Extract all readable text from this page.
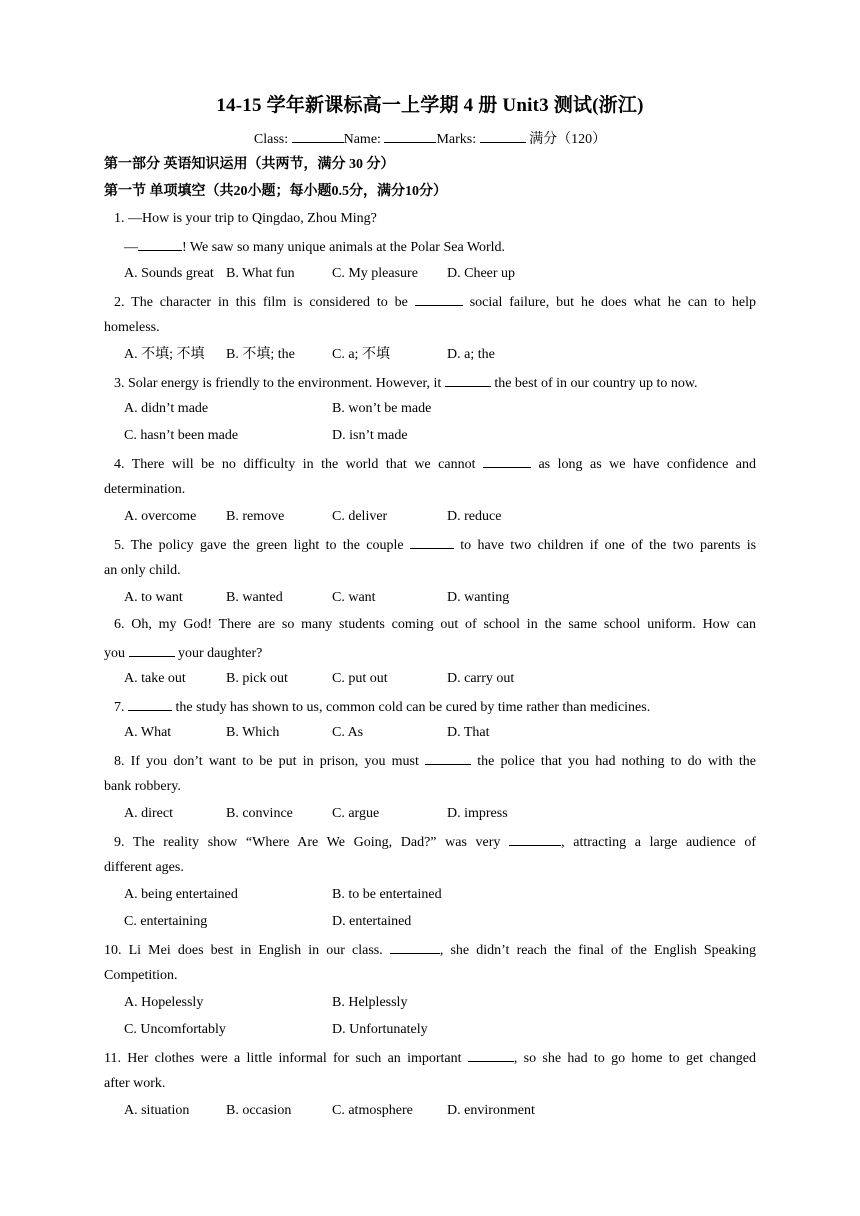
14-15 学年新课标高一上学期 4 册 Unit3 测试(浙江)
Class:	Name:	Marks:	满分（120）
第一部分 英语知识运用（共两节，满分 30 分）
第一节 单项填空（共20小题；每小题0.5分，满分10分）
1. —How is your trip to Qingdao, Zhou Ming?
—	! We saw so many unique animals at the Polar Sea World.
A. Sounds great B. What fun	C. My pleasure D. Cheer up
2. The character in this film is considered to be	social failure, but he does what he can to help
homeless.
A. 不填; 不填 B. 不填; the	C. a; 不填	D. a; the
3. Solar energy is friendly to the environment. However, it	the best of in our country up to now.
A. didn’t made	B. won’t be made
C. hasn’t been made	D. isn’t made
4. There will be no difficulty in the world that we cannot	as long as we have confidence and
determination.
A. overcome B. remove	C. deliver	D. reduce
5. The policy gave the green light to the couple	to have two children if one of the two parents is
an only child.
A. to want	B. wanted	C. want	D. wanting
6. Oh, my God! There are so many students coming out of school in the same school uniform. How can
you	your daughter?
A. take out	B. pick out	C. put out	D. carry out
7.	the study has shown to us, common cold can be cured by time rather than medicines.
A. What	B. Which	C. As	D. That
8. If you don’t want to be put in prison, you must	the police that you had nothing to do with the
bank robbery.
A. direct	B. convince	C. argue	D. impress
9. The reality show “Where Are We Going, Dad?” was very	, attracting a large audience of
different ages.
A. being entertained	B. to be entertained
C. entertaining	D. entertained
10. Li Mei does best in English in our class.	, she didn’t reach the final of the English Speaking
Competition.
A. Hopelessly	B. Helplessly
C. Uncomfortably	D. Unfortunately
11. Her clothes were a little informal for such an important	, so she had to go home to get changed
after work.
A. situation	B. occasion	C. atmosphere D. environment
